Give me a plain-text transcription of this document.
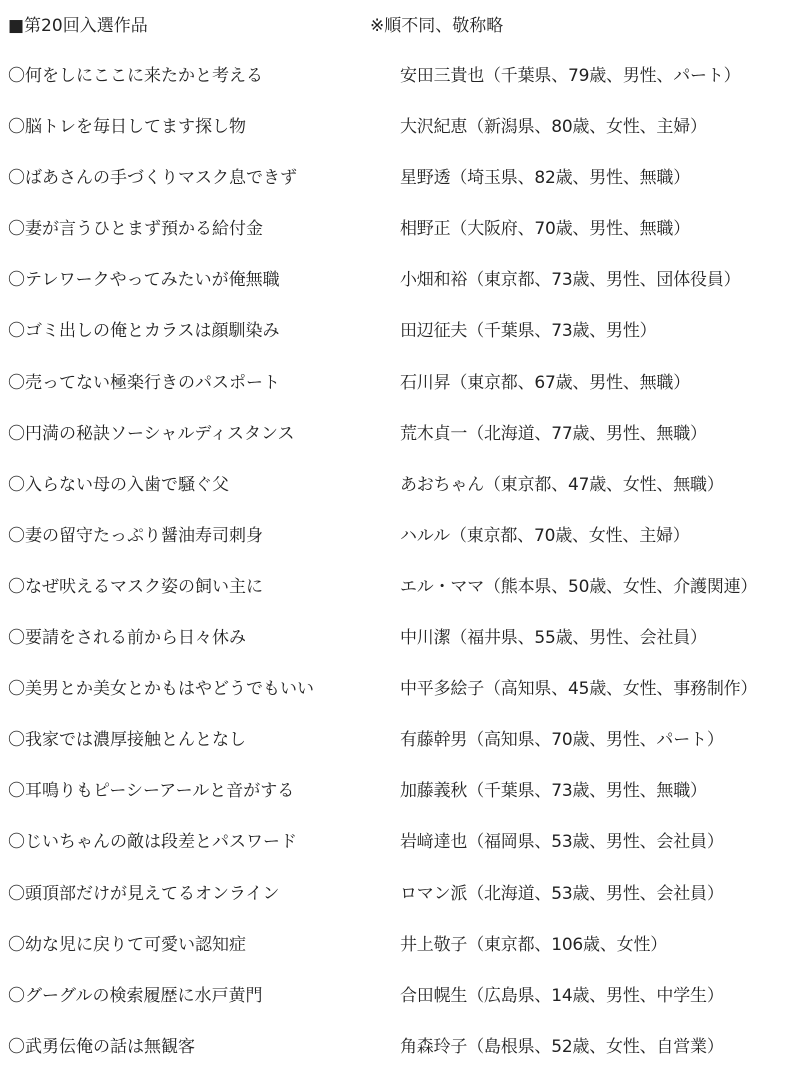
■第20回入選作品	※順不同、敬称略
〇何をしにここに来たかと考える	安田三貴也（千葉県、79歳、男性、パート）
〇脳トレを毎日してます探し物	大沢紀恵（新潟県、80歳、女性、主婦）
〇ばあさんの手づくりマスク息できず	星野透（埼玉県、82歳、男性、無職）
〇妻が言うひとまず預かる給付金	相野正（大阪府、70歳、男性、無職）
〇テレワークやってみたいが俺無職	小畑和裕（東京都、73歳、男性、団体役員）
〇ゴミ出しの俺とカラスは顔馴染み	田辺征夫（千葉県、73歳、男性）
〇売ってない極楽行きのパスポート	石川昇（東京都、67歳、男性、無職）
〇円満の秘訣ソーシャルディスタンス	荒木貞一（北海道、77歳、男性、無職）
〇入らない母の入歯で騒ぐ父	あおちゃん（東京都、47歳、女性、無職）
〇妻の留守たっぷり醤油寿司刺身	ハルル（東京都、70歳、女性、主婦）
〇なぜ吠えるマスク姿の飼い主に	エル・ママ（熊本県、50歳、女性、介護関連）
〇要請をされる前から日々休み	中川潔（福井県、55歳、男性、会社員）
〇美男とか美女とかもはやどうでもいい	中平多絵子（高知県、45歳、女性、事務制作）
〇我家では濃厚接触とんとなし	有藤幹男（高知県、70歳、男性、パート）
〇耳鳴りもピーシーアールと音がする	加藤義秋（千葉県、73歳、男性、無職）
〇じいちゃんの敵は段差とパスワード	岩﨑達也（福岡県、53歳、男性、会社員）
〇頭頂部だけが見えてるオンライン	ロマン派（北海道、53歳、男性、会社員）
〇幼な児に戻りて可愛い認知症	井上敬子（東京都、106歳、女性）
〇グーグルの検索履歴に水戸黄門	合田幌生（広島県、14歳、男性、中学生）
〇武勇伝俺の話は無観客	角森玲子（島根県、52歳、女性、自営業）
